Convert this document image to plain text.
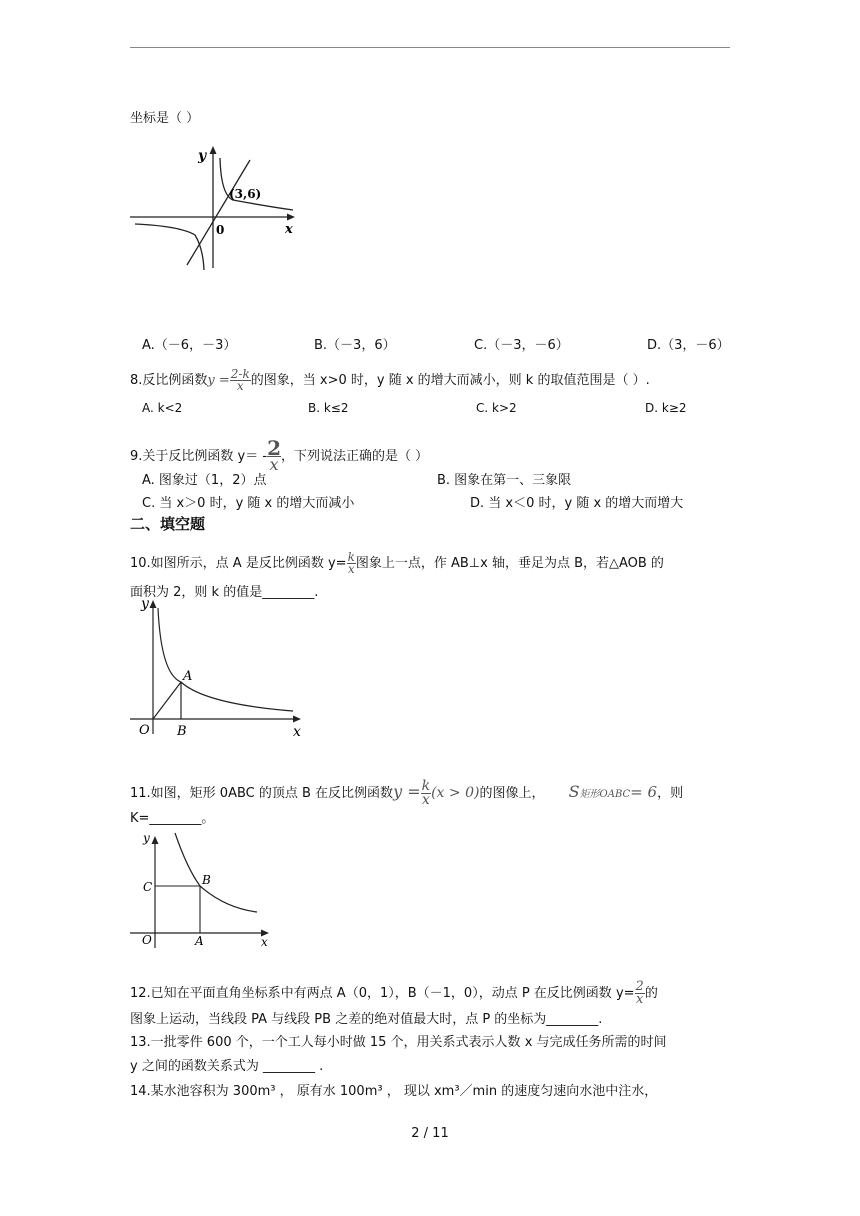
坐标是（ ）
y
x
0
(3,6)
A.（－6，－3）	B.（－3，6）	C.（－3，－6）	D.（3，－6）
8.反比例函数$y = \frac{2-k}{x}$ 的图象，当 x>0 时，y 随 x 的增大而减小，则 k 的取值范围是（ ）.
A. k<2	B. k≤2	C. k>2	D. k≥2
9.关于反比例函数 y＝ -2
x ，下列说法正确的是（ ）
A. 图象过（1，2）点	B. 图象在第一、三象限
C. 当 x＞0 时，y 随 x 的增大而减小	D. 当 x＜0 时，y 随 x 的增大而增大
二、填空题
10.如图所示，点 A 是反比例函数 $y= \frac{k}{x}$ 图象上一点，作 AB⊥x 轴，垂足为点 B，若△AOB 的
面积为 2，则 k 的值是________.
y
x
O
A
B
11.如图，矩形 0ABC 的顶点 B 在反比例函数$y = \frac{k}{x} (x > 0)$的图像上， S矩形OABC= 6，则
K=________。
y
x
O
C	B
A
12.已知在平面直角坐标系中有两点 A（0，1），B（－1，0），动点 P 在反比例函数 $y= \frac{2}{x}$ 的
图象上运动，当线段 PA 与线段 PB 之差的绝对值最大时，点 P 的坐标为________.
13.一批零件 600 个，一个工人每小时做 15 个，用关系式表示人数 x 与完成任务所需的时间
y 之间的函数关系式为 ________ .
14.某水池容积为 300m³ ， 原有水 100m³ ， 现以 xm³／min 的速度匀速向水池中注水，
2 / 11
